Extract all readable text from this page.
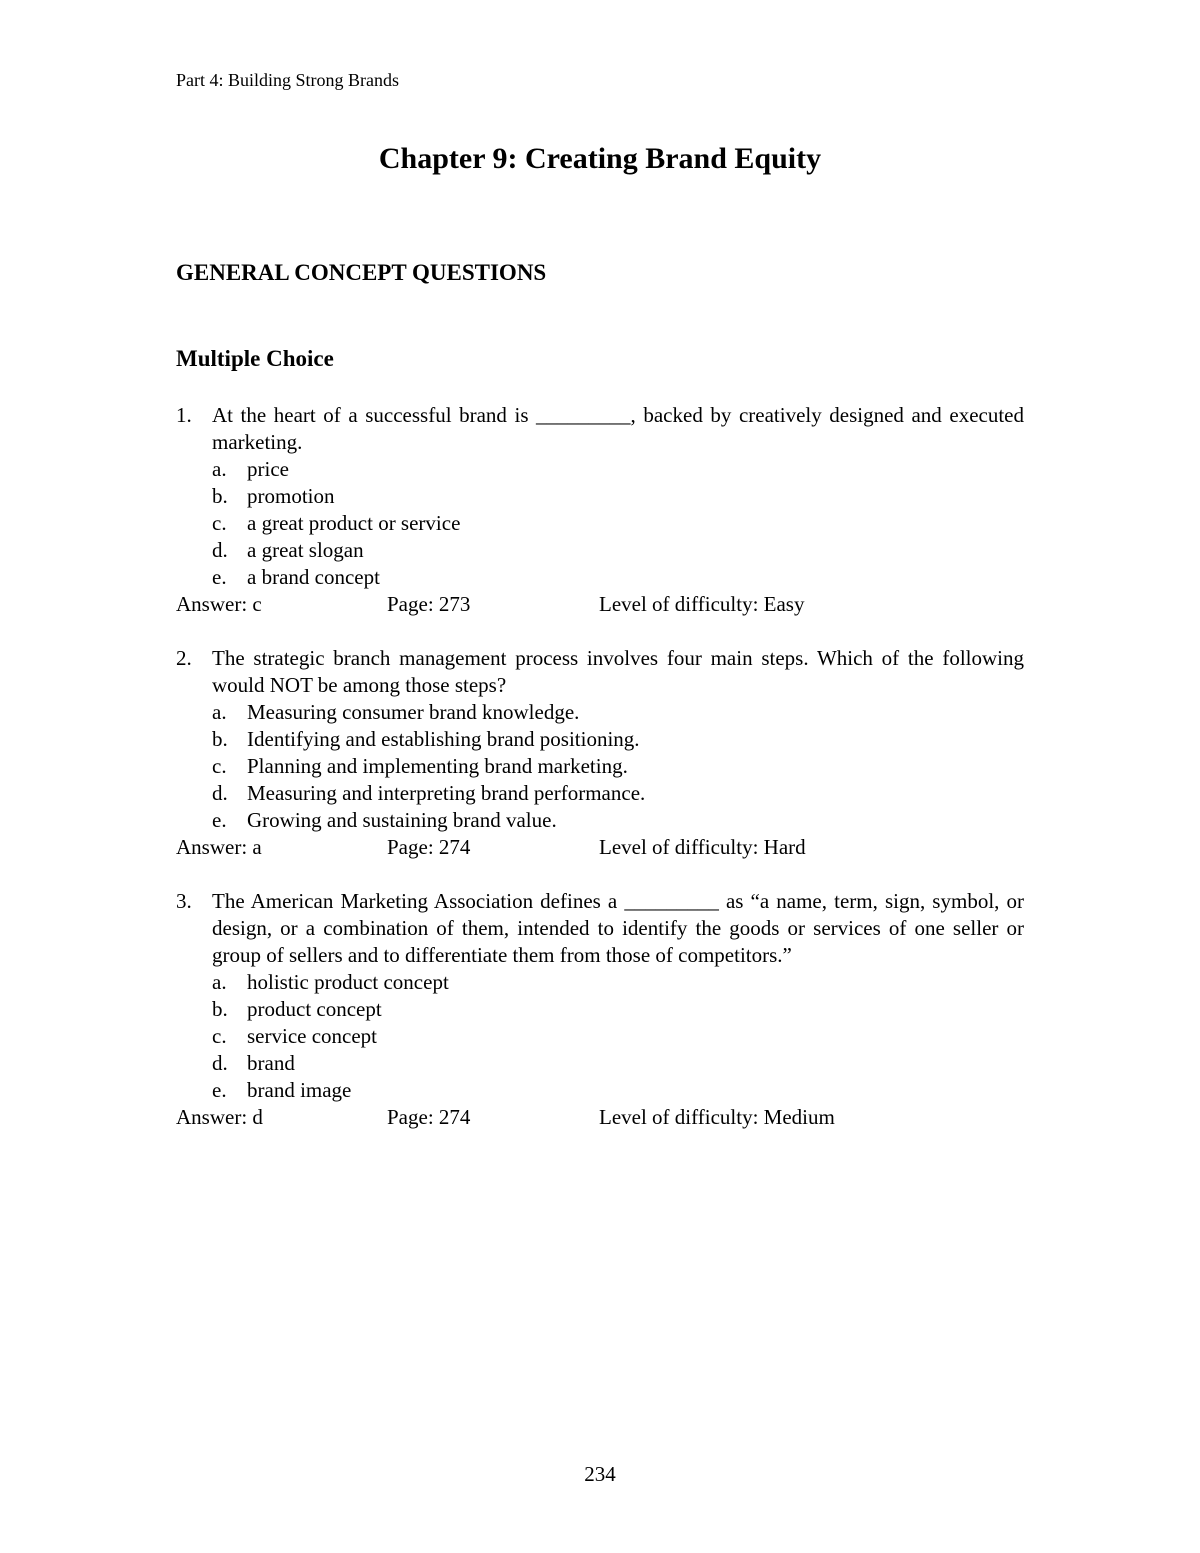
Part 4: Building Strong Brands
Chapter 9: Creating Brand Equity
GENERAL CONCEPT QUESTIONS
Multiple Choice
1. At the heart of a successful brand is _________, backed by creatively designed and executed marketing.
a. price
b. promotion
c. a great product or service
d. a great slogan
e. a brand concept
Answer: c	Page: 273	Level of difficulty: Easy
2. The strategic branch management process involves four main steps. Which of the following would NOT be among those steps?
a. Measuring consumer brand knowledge.
b. Identifying and establishing brand positioning.
c. Planning and implementing brand marketing.
d. Measuring and interpreting brand performance.
e. Growing and sustaining brand value.
Answer: a	Page: 274	Level of difficulty: Hard
3. The American Marketing Association defines a _________ as “a name, term, sign, symbol, or design, or a combination of them, intended to identify the goods or services of one seller or group of sellers and to differentiate them from those of competitors.”
a. holistic product concept
b. product concept
c. service concept
d. brand
e. brand image
Answer: d	Page: 274	Level of difficulty: Medium
234
